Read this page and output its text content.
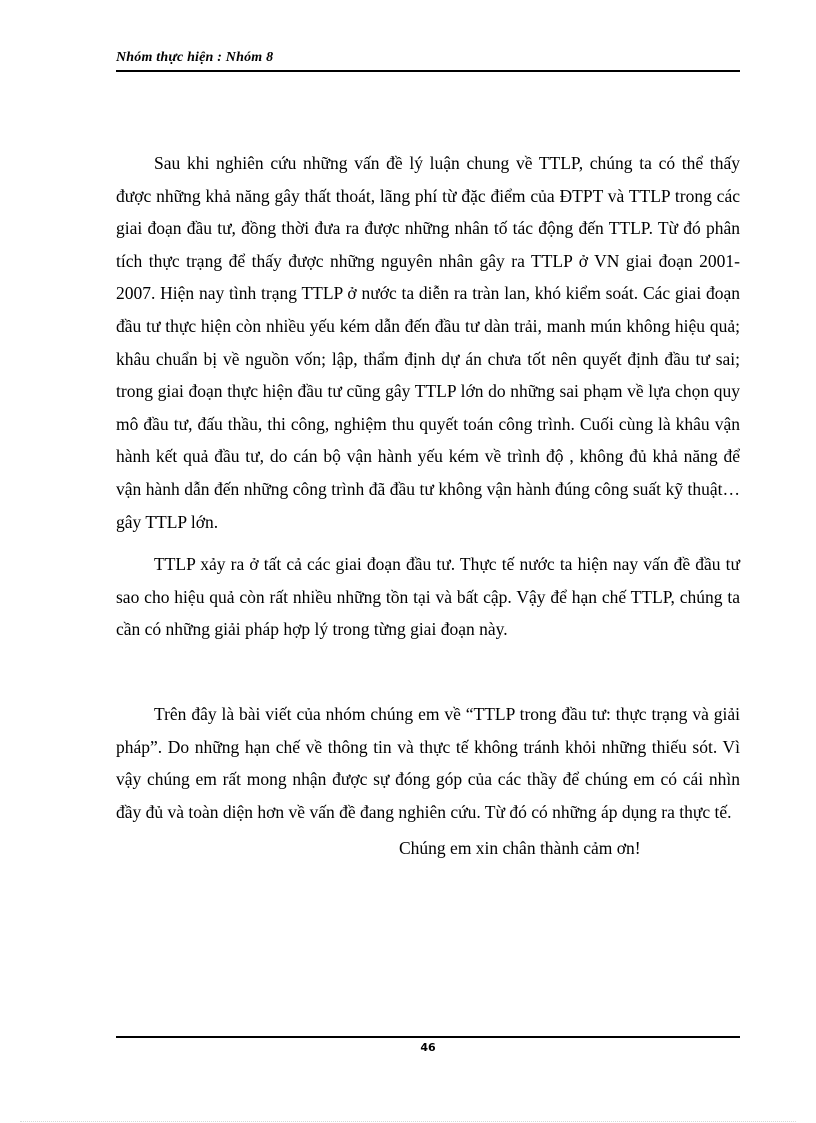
Nhóm thực hiện : Nhóm 8

Sau khi nghiên cứu những vấn đề lý luận chung về TTLP, chúng ta có thể thấy được những khả năng gây thất thoát, lãng phí từ đặc điểm của ĐTPT và TTLP trong các giai đoạn đầu tư, đồng thời đưa ra được những nhân tố tác động đến TTLP. Từ đó phân tích thực trạng để thấy được những nguyên nhân gây ra TTLP ở VN giai đoạn 2001-2007. Hiện nay tình trạng TTLP ở nước ta diễn ra tràn lan, khó kiểm soát. Các giai đoạn đầu tư thực hiện còn nhiều yếu kém dẫn đến đầu tư dàn trải, manh mún không hiệu quả; khâu chuẩn bị về nguồn vốn; lập, thẩm định dự án chưa tốt nên quyết định đầu tư sai; trong giai đoạn thực hiện đầu tư cũng gây TTLP lớn do những sai phạm về lựa chọn quy mô đầu tư, đấu thầu, thi công, nghiệm thu quyết toán công trình. Cuối cùng là khâu vận hành kết quả đầu tư, do cán bộ vận hành yếu kém về trình độ , không đủ khả năng để vận hành dẫn đến những công trình đã đầu tư không vận hành đúng công suất kỹ thuật… gây TTLP lớn.

TTLP xảy ra ở tất cả các giai đoạn đầu tư. Thực tế nước ta hiện nay vấn đề đầu tư sao cho hiệu quả còn rất nhiều những tồn tại và bất cập. Vậy để hạn chế TTLP, chúng ta cần có những giải pháp hợp lý trong từng giai đoạn này.

Trên đây là bài viết của nhóm chúng em về “TTLP trong đầu tư: thực trạng và giải pháp”. Do những hạn chế về thông tin và thực tế không tránh khỏi những thiếu sót. Vì vậy chúng em rất mong nhận được sự đóng góp của các thầy để chúng em có cái nhìn đầy đủ và toàn diện hơn về vấn đề đang nghiên cứu. Từ đó có những áp dụng ra thực tế.

Chúng em xin chân thành cảm ơn!

46
